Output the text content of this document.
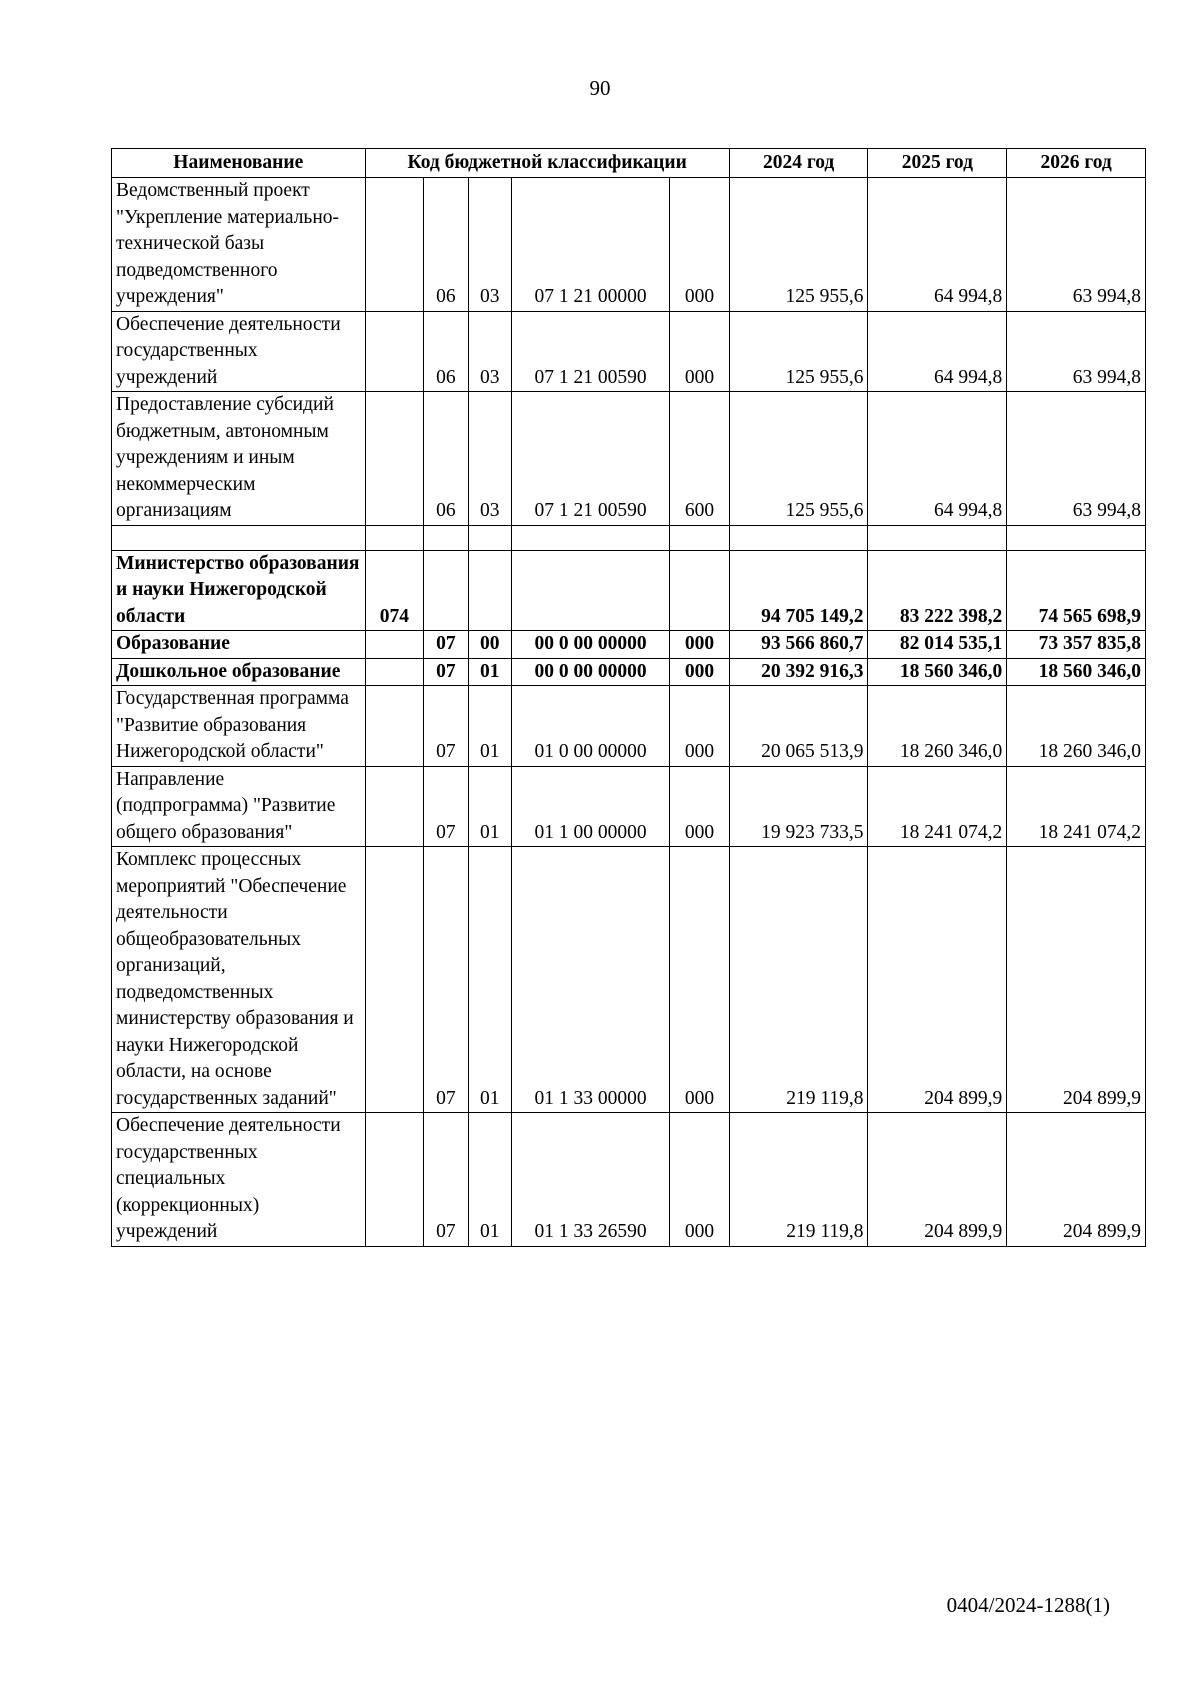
90
Наименование	Код бюджетной классификации					2024 год	2025 год	2026 год
Ведомственный проект "Укрепление материально-технической базы подведомственного учреждения"		06	03	07 1 21 00000	000	125 955,6	64 994,8	63 994,8
Обеспечение деятельности государственных учреждений		06	03	07 1 21 00590	000	125 955,6	64 994,8	63 994,8
Предоставление субсидий бюджетным, автономным учреждениям и иным некоммерческим организациям		06	03	07 1 21 00590	600	125 955,6	64 994,8	63 994,8

Министерство образования и науки Нижегородской области	074					94 705 149,2	83 222 398,2	74 565 698,9
Образование		07	00	00 0 00 00000	000	93 566 860,7	82 014 535,1	73 357 835,8
Дошкольное образование		07	01	00 0 00 00000	000	20 392 916,3	18 560 346,0	18 560 346,0
Государственная программа "Развитие образования Нижегородской области"		07	01	01 0 00 00000	000	20 065 513,9	18 260 346,0	18 260 346,0
Направление (подпрограмма) "Развитие общего образования"		07	01	01 1 00 00000	000	19 923 733,5	18 241 074,2	18 241 074,2
Комплекс процессных мероприятий "Обеспечение деятельности общеобразовательных организаций, подведомственных министерству образования и науки Нижегородской области, на основе государственных заданий"		07	01	01 1 33 00000	000	219 119,8	204 899,9	204 899,9
Обеспечение деятельности государственных специальных (коррекционных) учреждений		07	01	01 1 33 26590	000	219 119,8	204 899,9	204 899,9
0404/2024-1288(1)
